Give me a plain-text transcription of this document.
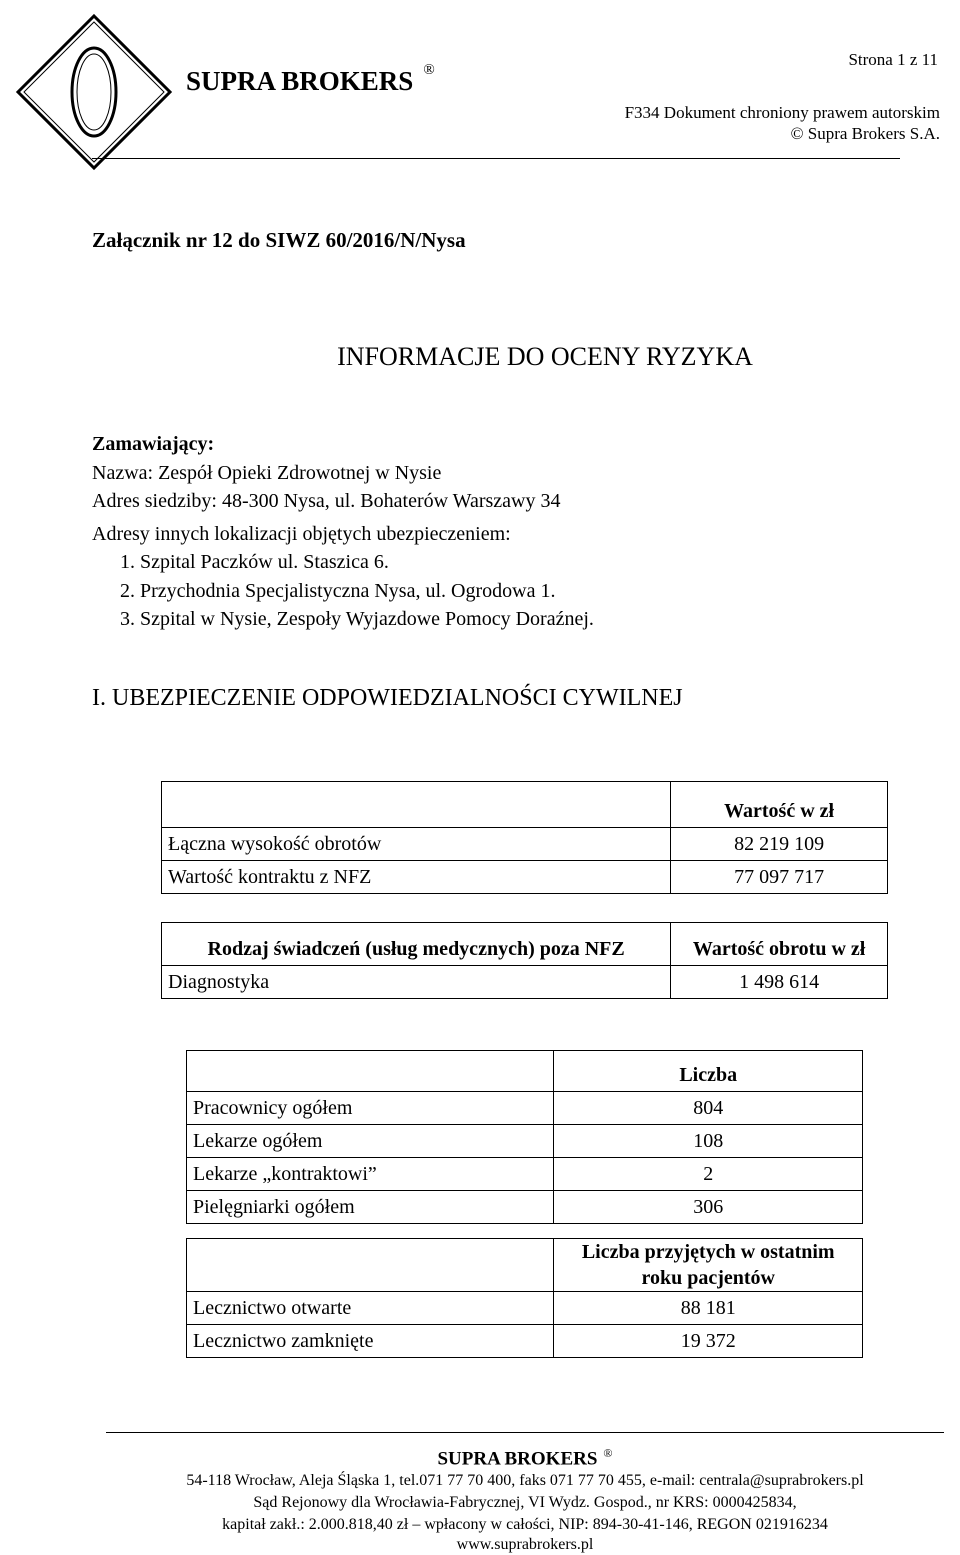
SUPRA BROKERS ®
Strona 1 z 11
F334 Dokument chroniony prawem autorskim
© Supra Brokers S.A.
Załącznik nr 12 do SIWZ 60/2016/N/Nysa
INFORMACJE DO OCENY RYZYKA
Zamawiający:
Nazwa: Zespół Opieki Zdrowotnej w Nysie
Adres siedziby: 48-300 Nysa, ul. Bohaterów Warszawy 34
Adresy innych lokalizacji objętych ubezpieczeniem:
1. Szpital Paczków ul. Staszica 6.
2. Przychodnia Specjalistyczna Nysa, ul. Ogrodowa 1.
3. Szpital w Nysie, Zespoły Wyjazdowe Pomocy Doraźnej.
I. UBEZPIECZENIE ODPOWIEDZIALNOŚCI CYWILNEJ
	Wartość w zł
Łączna wysokość obrotów	82 219 109
Wartość kontraktu z NFZ	77 097 717
Rodzaj świadczeń (usług medycznych) poza NFZ	Wartość obrotu w zł
Diagnostyka	1 498 614
	Liczba
Pracownicy ogółem	804
Lekarze ogółem	108
Lekarze „kontraktowi”	2
Pielęgniarki ogółem	306
	Liczba przyjętych w ostatnim roku pacjentów
Lecznictwo otwarte	88 181
Lecznictwo zamknięte	19 372
SUPRA BROKERS ®
54-118 Wrocław, Aleja Śląska 1, tel.071 77 70 400, faks 071 77 70 455, e-mail: centrala@suprabrokers.pl
Sąd Rejonowy dla Wrocławia-Fabrycznej, VI Wydz. Gospod., nr KRS: 0000425834,
kapitał zakł.: 2.000.818,40 zł – wpłacony w całości, NIP: 894-30-41-146, REGON 021916234
www.suprabrokers.pl
